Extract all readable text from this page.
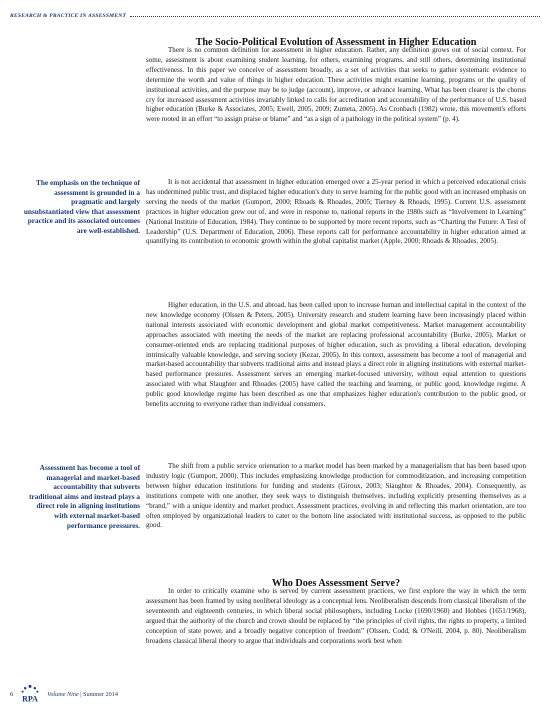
RESEARCH & PRACTICE IN ASSESSMENT
The Socio-Political Evolution of Assessment in Higher Education

There is no common definition for assessment in higher education. Rather, any definition grows out of social context. For some, assessment is about examining student learning, for others, examining programs, and still others, determining institutional effectiveness. In this paper we conceive of assessment broadly, as a set of activities that seeks to gather systematic evidence to determine the worth and value of things in higher education. These activities might examine learning, programs or the quality of institutional activities, and the purpose may be to judge (account), improve, or advance learning. What has been clearer is the chorus cry for increased assessment activities invariably linked to calls for accreditation and accountability of the performance of U.S. based higher education (Burke & Associates, 2005; Ewell, 2005, 2009; Zumeta, 2005). As Cronbach (1982) wrote, this movement's efforts were rooted in an effort “to assign praise or blame” and “as a sign of a pathology in the political system” (p. 4).

It is not accidental that assessment in higher education emerged over a 25-year period in which a perceived educational crisis has undermined public trust, and displaced higher education's duty to serve learning for the public good with an increased emphasis on serving the needs of the market (Gumport, 2000; Rhoads & Rhoades, 2005; Tierney & Rhoads, 1995). Current U.S. assessment practices in higher education grew out of, and were in response to, national reports in the 1980s such as “Involvement in Learning” (National Institute of Education, 1984). They continue to be supported by more recent reports, such as “Charting the Future: A Test of Leadership” (U.S. Department of Education, 2006). These reports call for performance accountability in higher education aimed at quantifying its contribution to economic growth within the global capitalist market (Apple, 2000; Rhoads & Rhoades, 2005).

Higher education, in the U.S. and abroad, has been called upon to increase human and intellectual capital in the context of the new knowledge economy (Olssen & Peters, 2005). University research and student learning have been increasingly placed within national interests associated with economic development and global market competitiveness. Market management accountability approaches associated with meeting the needs of the market are replacing professional accountability (Burke, 2005). Market or consumer-oriented ends are replacing traditional purposes of higher education, such as providing a liberal education, developing intrinsically valuable knowledge, and serving society (Kezar, 2005). In this context, assessment has become a tool of managerial and market-based accountability that subverts traditional aims and instead plays a direct role in aligning institutions with external market-based performance pressures. Assessment serves an emerging market-focused university, without equal attention to questions associated with what Slaughter and Rhoades (2005) have called the teaching and learning, or public good, knowledge regime. A public good knowledge regime has been described as one that emphasizes higher education's contribution to the public good, or benefits accruing to everyone rather than individual consumers.

The shift from a public service orientation to a market model has been marked by a managerialism that has been based upon industry logic (Gumport, 2000). This includes emphasizing knowledge production for commoditization, and increasing competition between higher education institutions for funding and students (Giroux, 2003; Slaughter & Rhoades, 2004). Consequently, as institutions compete with one another, they seek ways to distinguish themselves, including explicitly presenting themselves as a “brand,” with a unique identity and market product. Assessment practices, evolving in and reflecting this market orientation, are too often employed by organizational leaders to cater to the bottom line associated with institutional success, as opposed to the public good.

Who Does Assessment Serve?

In order to critically examine who is served by current assessment practices, we first explore the way in which the term assessment has been framed by using neoliberal ideology as a conceptual lens. Neoliberalism descends from classical liberalism of the seventeenth and eighteenth centuries, in which liberal social philosophers, including Locke (1690/1960) and Hobbes (1651/1968), argued that the authority of the church and crown should be replaced by “the principles of civil rights, the rights to property, a limited conception of state power, and a broadly negative conception of freedom” (Olssen, Codd, & O'Neill, 2004, p. 80). Neoliberalism broadens classical liberal theory to argue that individuals and corporations work best when

The emphasis on the technique of assessment is grounded in a pragmatic and largely unsubstantiated view that assessment practice and its associated outcomes are well-established.

Assessment has become a tool of managerial and market-based accountability that subverts traditional aims and instead plays a direct role in aligning institutions with external market-based performance pressures.

6
RPA
Volume Nine | Summer 2014
